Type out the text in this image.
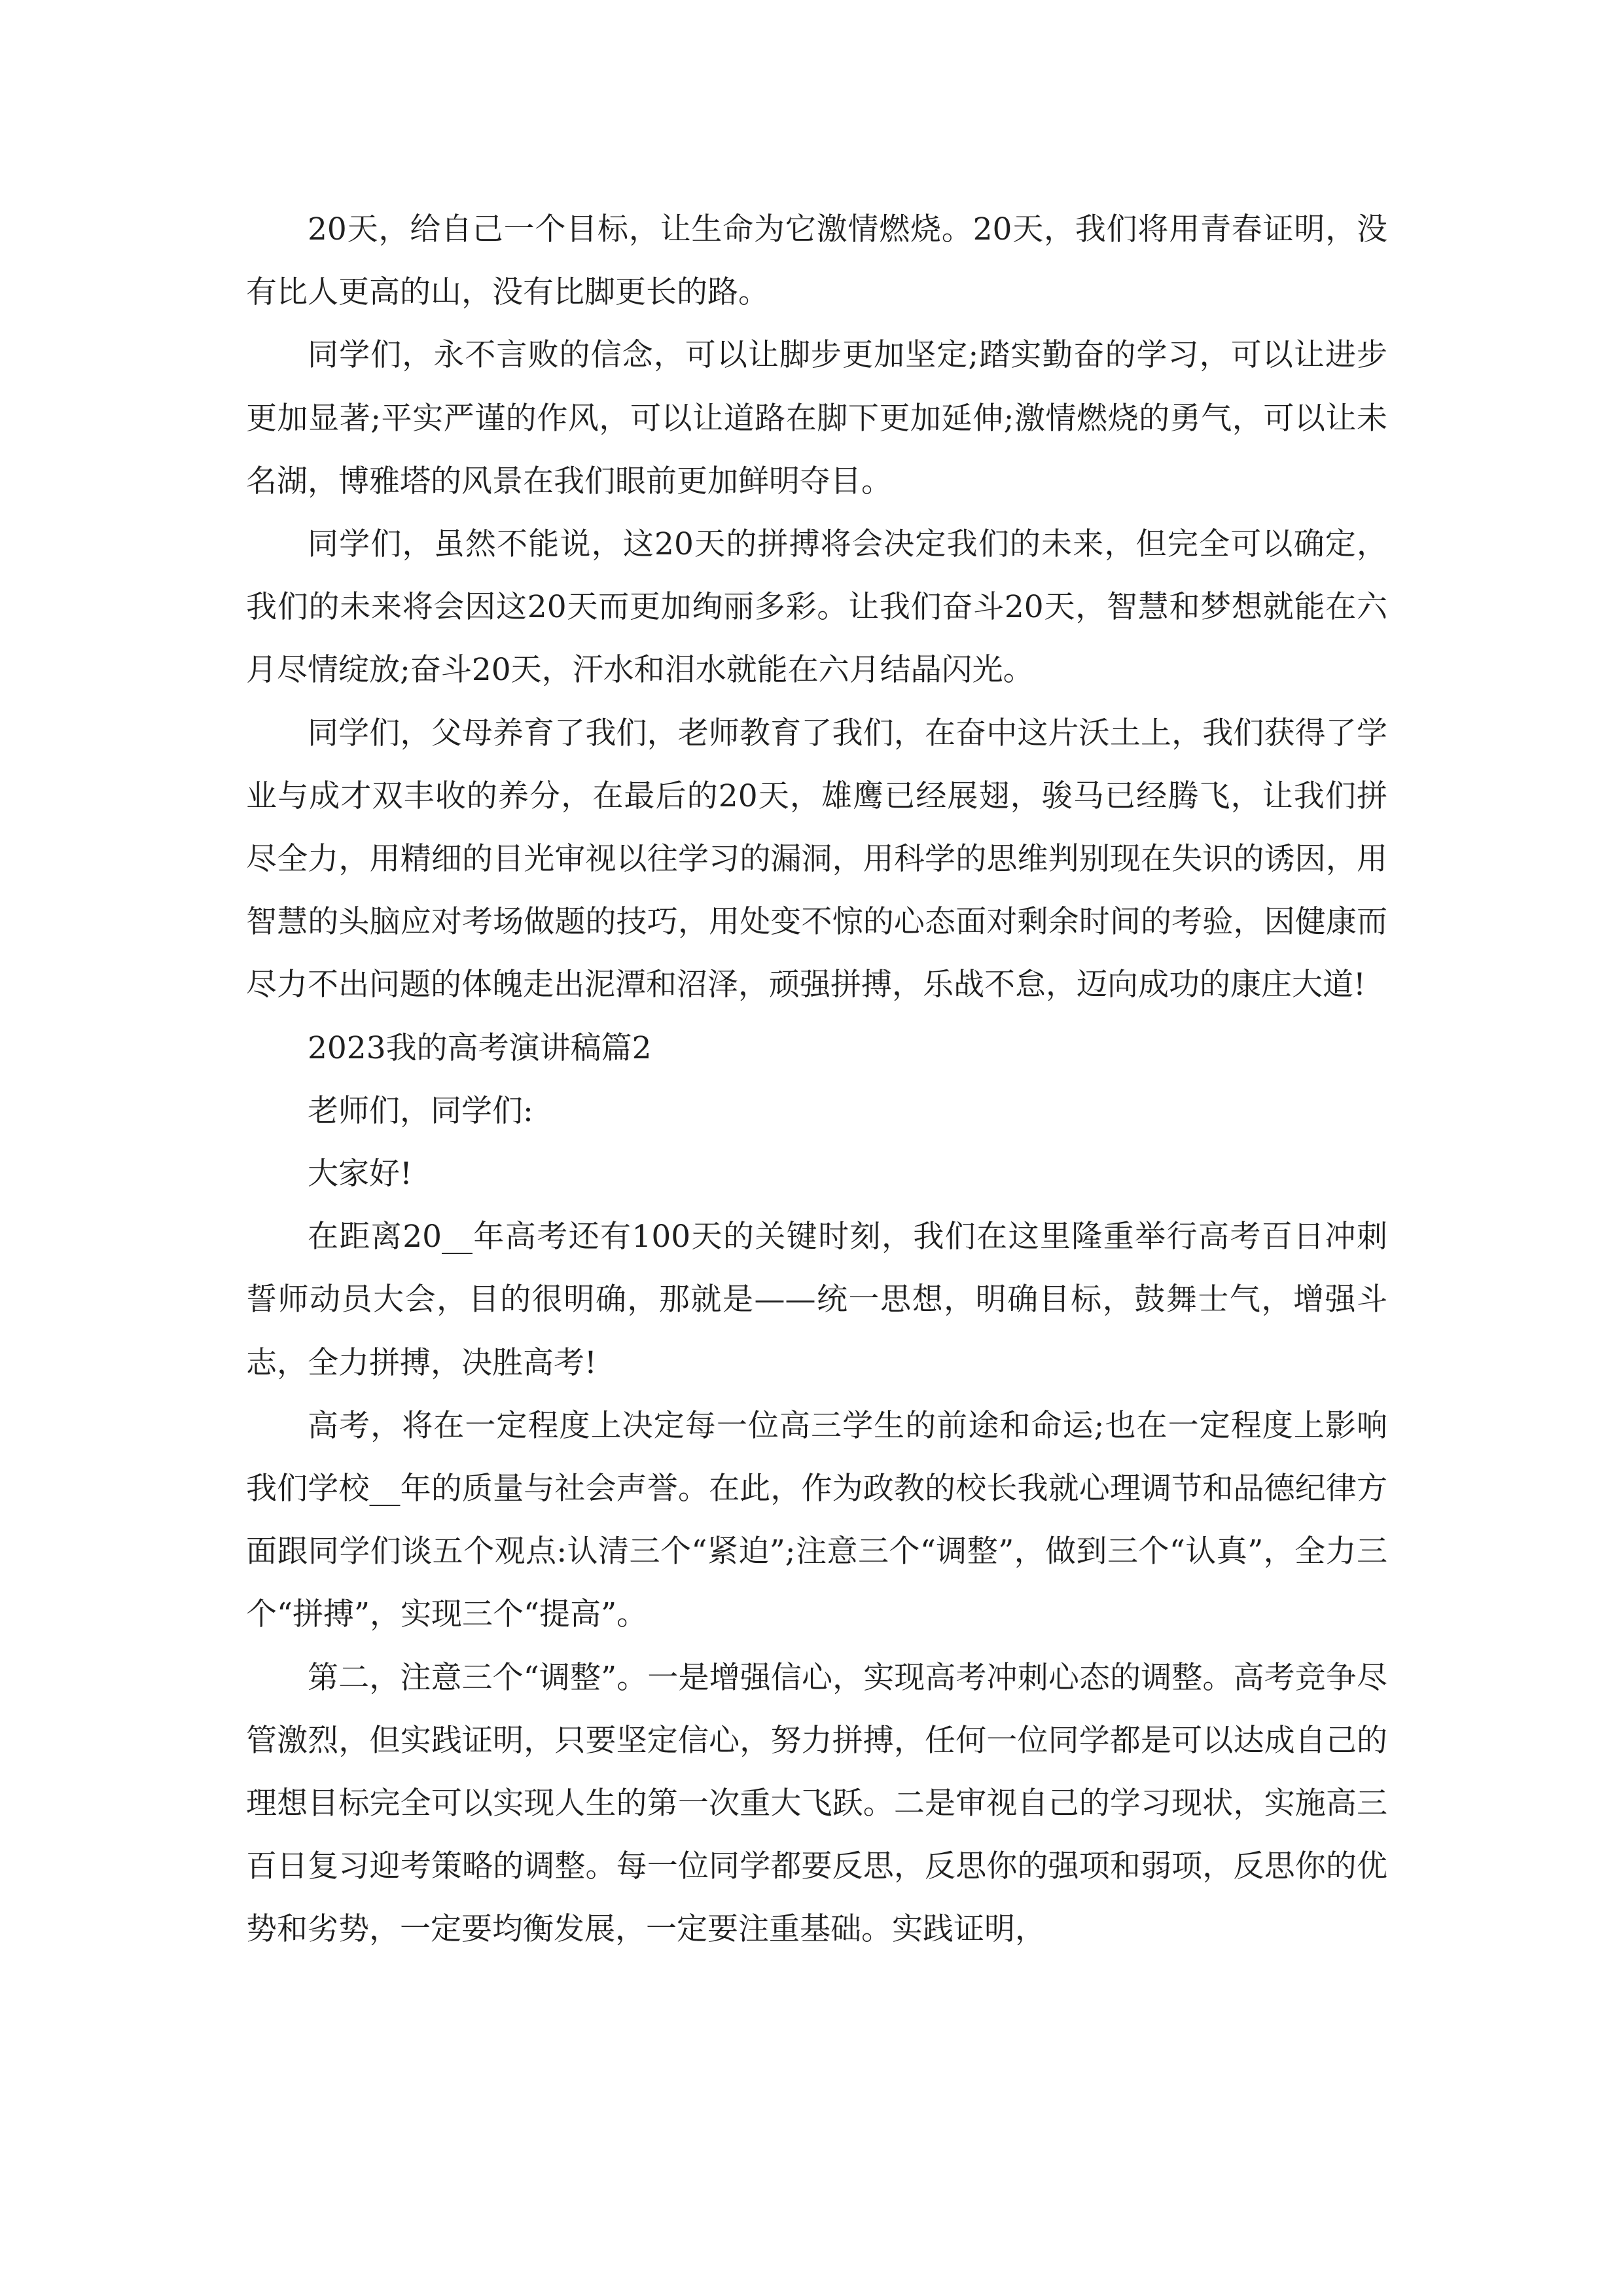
20天，给自己一个目标，让生命为它激情燃烧。20天，我们将用青春证明，没有比人更高的山，没有比脚更长的路。

同学们，永不言败的信念，可以让脚步更加坚定;踏实勤奋的学习，可以让进步更加显著;平实严谨的作风，可以让道路在脚下更加延伸;激情燃烧的勇气，可以让未名湖，博雅塔的风景在我们眼前更加鲜明夺目。

同学们，虽然不能说，这20天的拼搏将会决定我们的未来，但完全可以确定，我们的未来将会因这20天而更加绚丽多彩。让我们奋斗20天，智慧和梦想就能在六月尽情绽放;奋斗20天，汗水和泪水就能在六月结晶闪光。

同学们，父母养育了我们，老师教育了我们，在奋中这片沃土上，我们获得了学业与成才双丰收的养分，在最后的20天，雄鹰已经展翅，骏马已经腾飞，让我们拼尽全力，用精细的目光审视以往学习的漏洞，用科学的思维判别现在失识的诱因，用智慧的头脑应对考场做题的技巧，用处变不惊的心态面对剩余时间的考验，因健康而尽力不出问题的体魄走出泥潭和沼泽，顽强拼搏，乐战不怠，迈向成功的康庄大道!

2023我的高考演讲稿篇2

老师们，同学们:

大家好!

在距离20__年高考还有100天的关键时刻，我们在这里隆重举行高考百日冲刺誓师动员大会，目的很明确，那就是——统一思想，明确目标，鼓舞士气，增强斗志，全力拼搏，决胜高考!

高考，将在一定程度上决定每一位高三学生的前途和命运;也在一定程度上影响我们学校__年的质量与社会声誉。在此，作为政教的校长我就心理调节和品德纪律方面跟同学们谈五个观点:认清三个“紧迫”;注意三个“调整”，做到三个“认真”，全力三个“拼搏”，实现三个“提高”。

第二，注意三个“调整”。一是增强信心，实现高考冲刺心态的调整。高考竞争尽管激烈，但实践证明，只要坚定信心，努力拼搏，任何一位同学都是可以达成自己的理想目标完全可以实现人生的第一次重大飞跃。二是审视自己的学习现状，实施高三百日复习迎考策略的调整。每一位同学都要反思，反思你的强项和弱项，反思你的优势和劣势，一定要均衡发展，一定要注重基础。实践证明，
